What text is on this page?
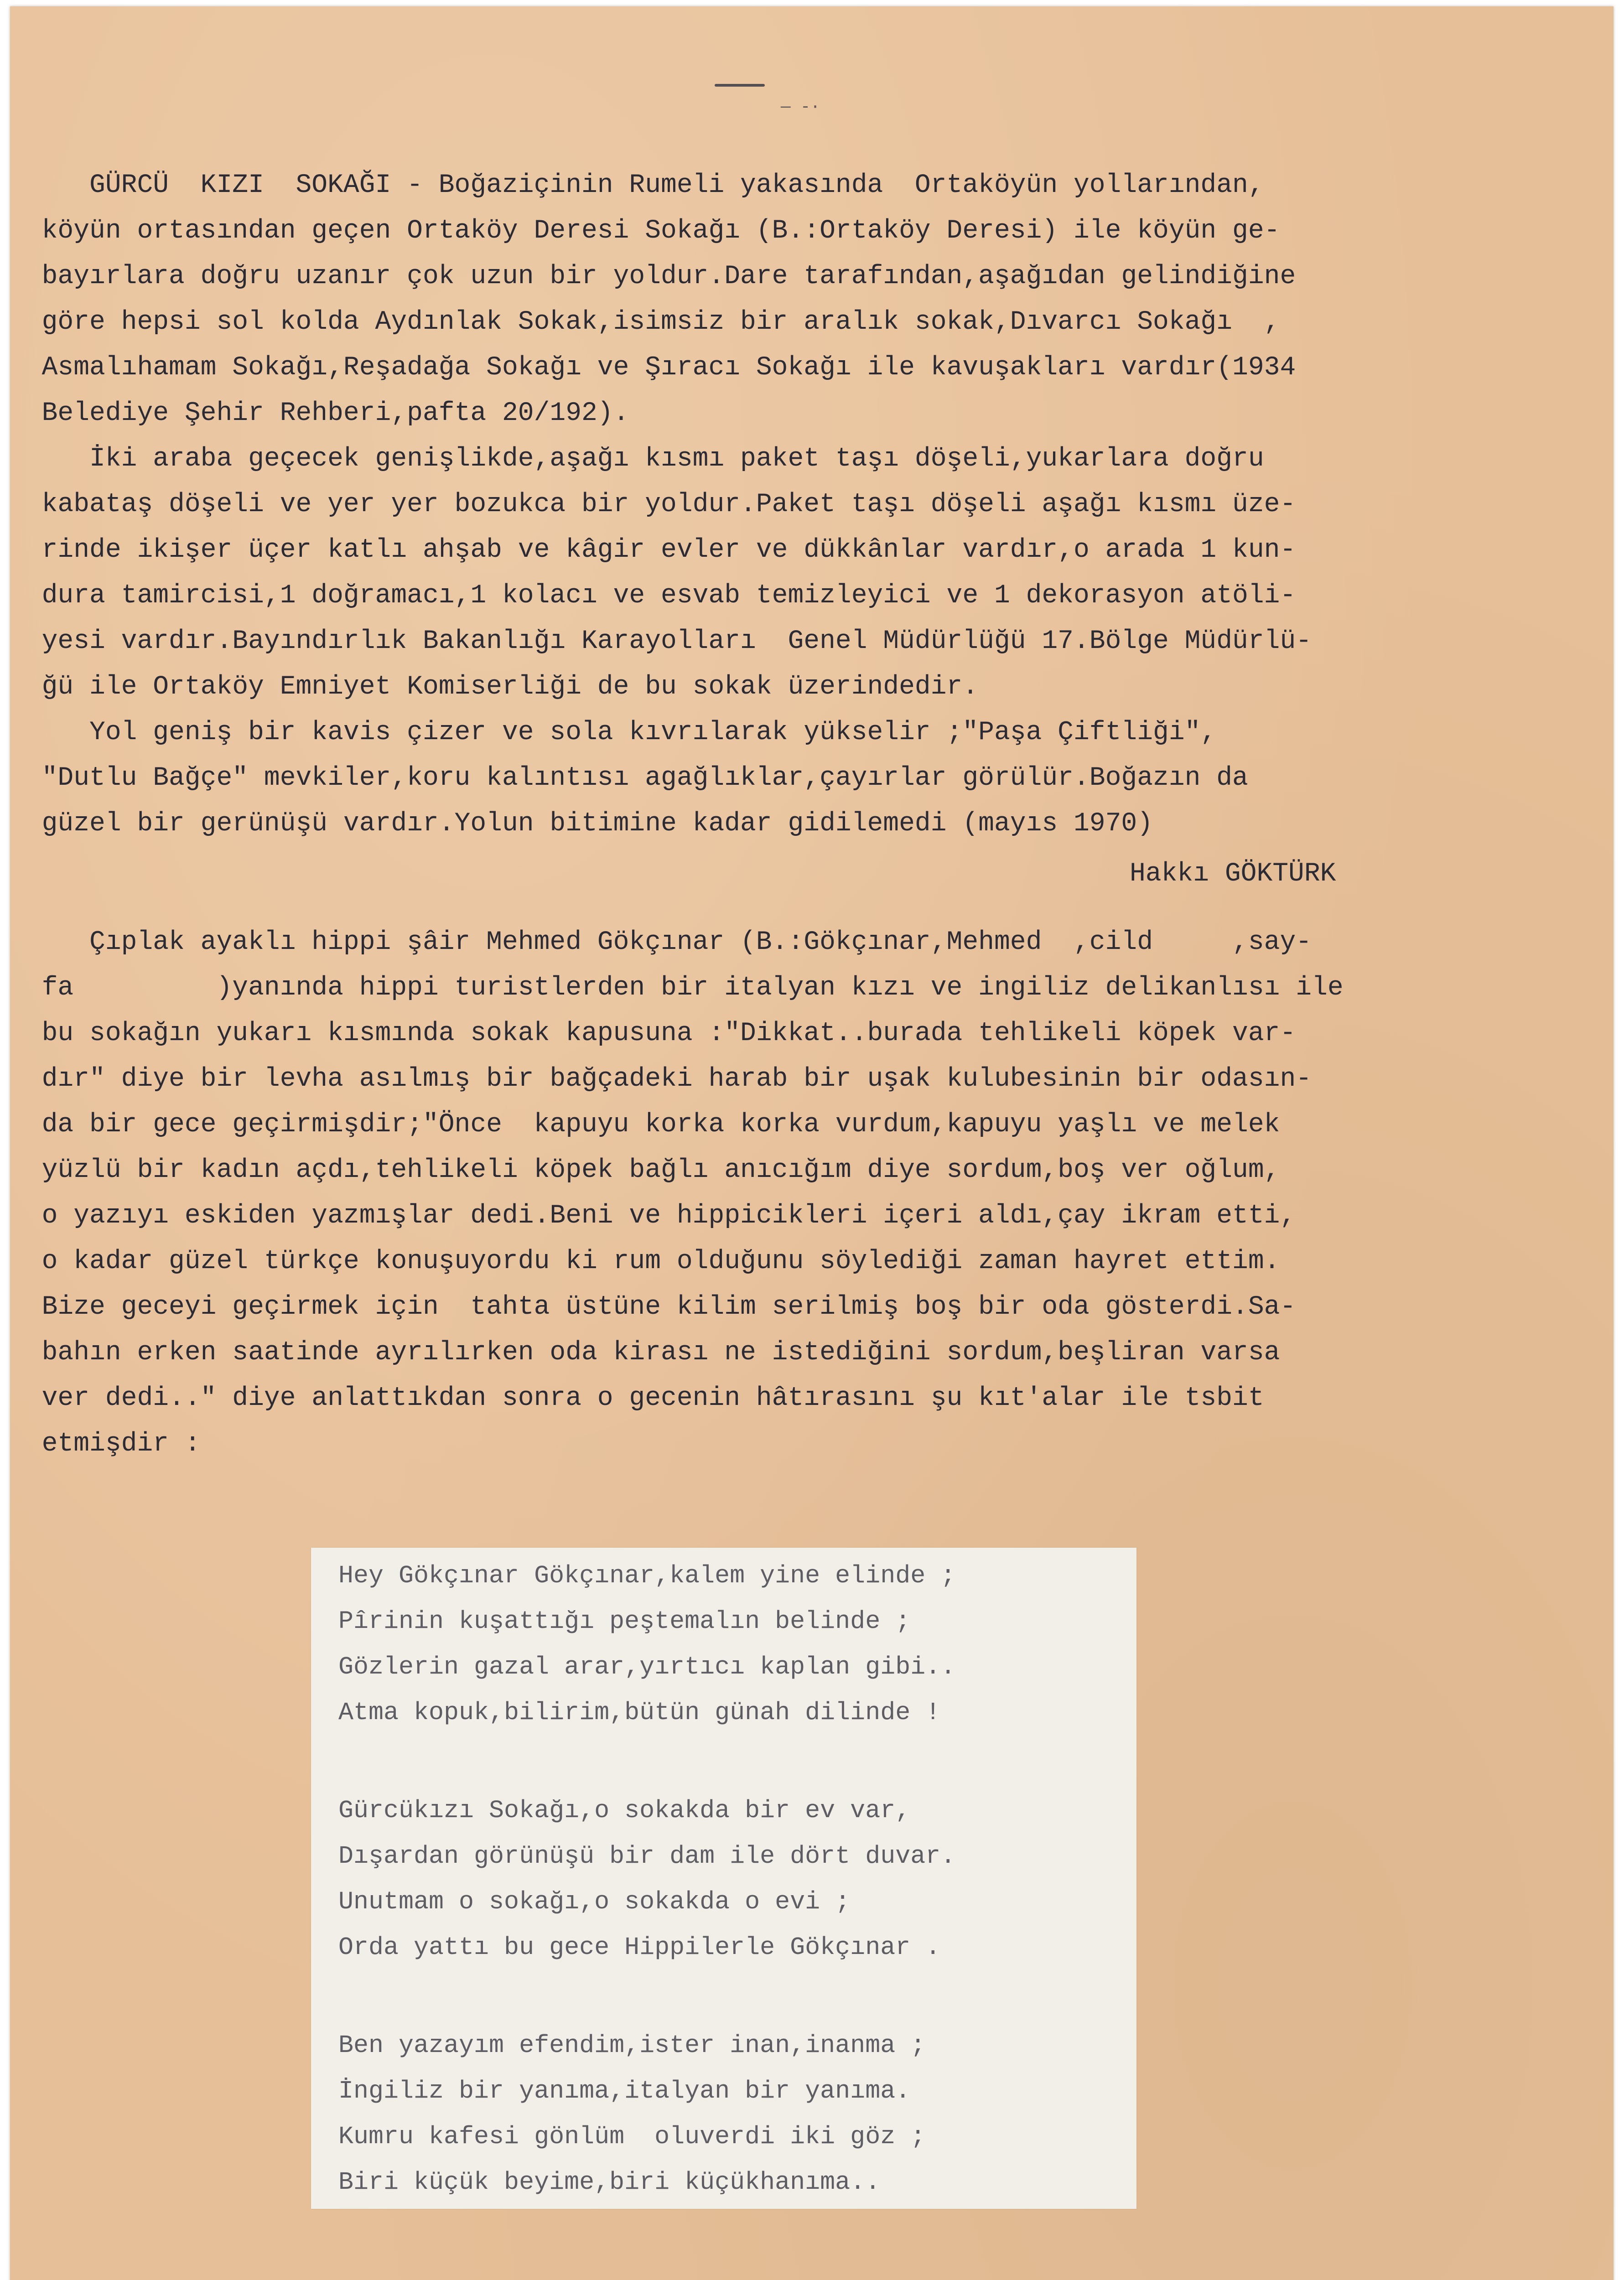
— -·
GÜRCÜ  KIZI  SOKAĞI - Boğaziçinin Rumeli yakasında  Ortaköyün yollarından,
köyün ortasından geçen Ortaköy Deresi Sokağı (B.:Ortaköy Deresi) ile köyün ge-
bayırlara doğru uzanır çok uzun bir yoldur.Dare tarafından,aşağıdan gelindiğine
göre hepsi sol kolda Aydınlak Sokak,isimsiz bir aralık sokak,Dıvarcı Sokağı  ,
Asmalıhamam Sokağı,Reşadağa Sokağı ve Şıracı Sokağı ile kavuşakları vardır(1934
Belediye Şehir Rehberi,pafta 20/192).
İki araba geçecek genişlikde,aşağı kısmı paket taşı döşeli,yukarlara doğru
kabataş döşeli ve yer yer bozukca bir yoldur.Paket taşı döşeli aşağı kısmı üze-
rinde ikişer üçer katlı ahşab ve kâgir evler ve dükkânlar vardır,o arada 1 kun-
dura tamircisi,1 doğramacı,1 kolacı ve esvab temizleyici ve 1 dekorasyon atöli-
yesi vardır.Bayındırlık Bakanlığı Karayolları  Genel Müdürlüğü 17.Bölge Müdürlü-
ğü ile Ortaköy Emniyet Komiserliği de bu sokak üzerindedir.
Yol geniş bir kavis çizer ve sola kıvrılarak yükselir ;"Paşa Çiftliği",
"Dutlu Bağçe" mevkiler,koru kalıntısı agağlıklar,çayırlar görülür.Boğazın da
güzel bir gerünüşü vardır.Yolun bitimine kadar gidilemedi (mayıs 1970)
Hakkı GÖKTÜRK
Çıplak ayaklı hippi şâir Mehmed Gökçınar (B.:Gökçınar,Mehmed  ,cild     ,say-
fa         )yanında hippi turistlerden bir italyan kızı ve ingiliz delikanlısı ile
bu sokağın yukarı kısmında sokak kapusuna :"Dikkat..burada tehlikeli köpek var-
dır" diye bir levha asılmış bir bağçadeki harab bir uşak kulubesinin bir odasın-
da bir gece geçirmişdir;"Önce  kapuyu korka korka vurdum,kapuyu yaşlı ve melek
yüzlü bir kadın açdı,tehlikeli köpek bağlı anıcığım diye sordum,boş ver oğlum,
o yazıyı eskiden yazmışlar dedi.Beni ve hippicikleri içeri aldı,çay ikram etti,
o kadar güzel türkçe konuşuyordu ki rum olduğunu söylediği zaman hayret ettim.
Bize geceyi geçirmek için  tahta üstüne kilim serilmiş boş bir oda gösterdi.Sa-
bahın erken saatinde ayrılırken oda kirası ne istediğini sordum,beşliran varsa
ver dedi.." diye anlattıkdan sonra o gecenin hâtırasını şu kıt'alar ile tsbit
etmişdir :
Hey Gökçınar Gökçınar,kalem yine elinde ;
Pîrinin kuşattığı peştemalın belinde ;
Gözlerin gazal arar,yırtıcı kaplan gibi..
Atma kopuk,bilirim,bütün günah dilinde !
Gürcükızı Sokağı,o sokakda bir ev var,
Dışardan görünüşü bir dam ile dört duvar.
Unutmam o sokağı,o sokakda o evi ;
Orda yattı bu gece Hippilerle Gökçınar .
Ben yazayım efendim,ister inan,inanma ;
İngiliz bir yanıma,italyan bir yanıma.
Kumru kafesi gönlüm  oluverdi iki göz ;
Biri küçük beyime,biri küçükhanıma..
